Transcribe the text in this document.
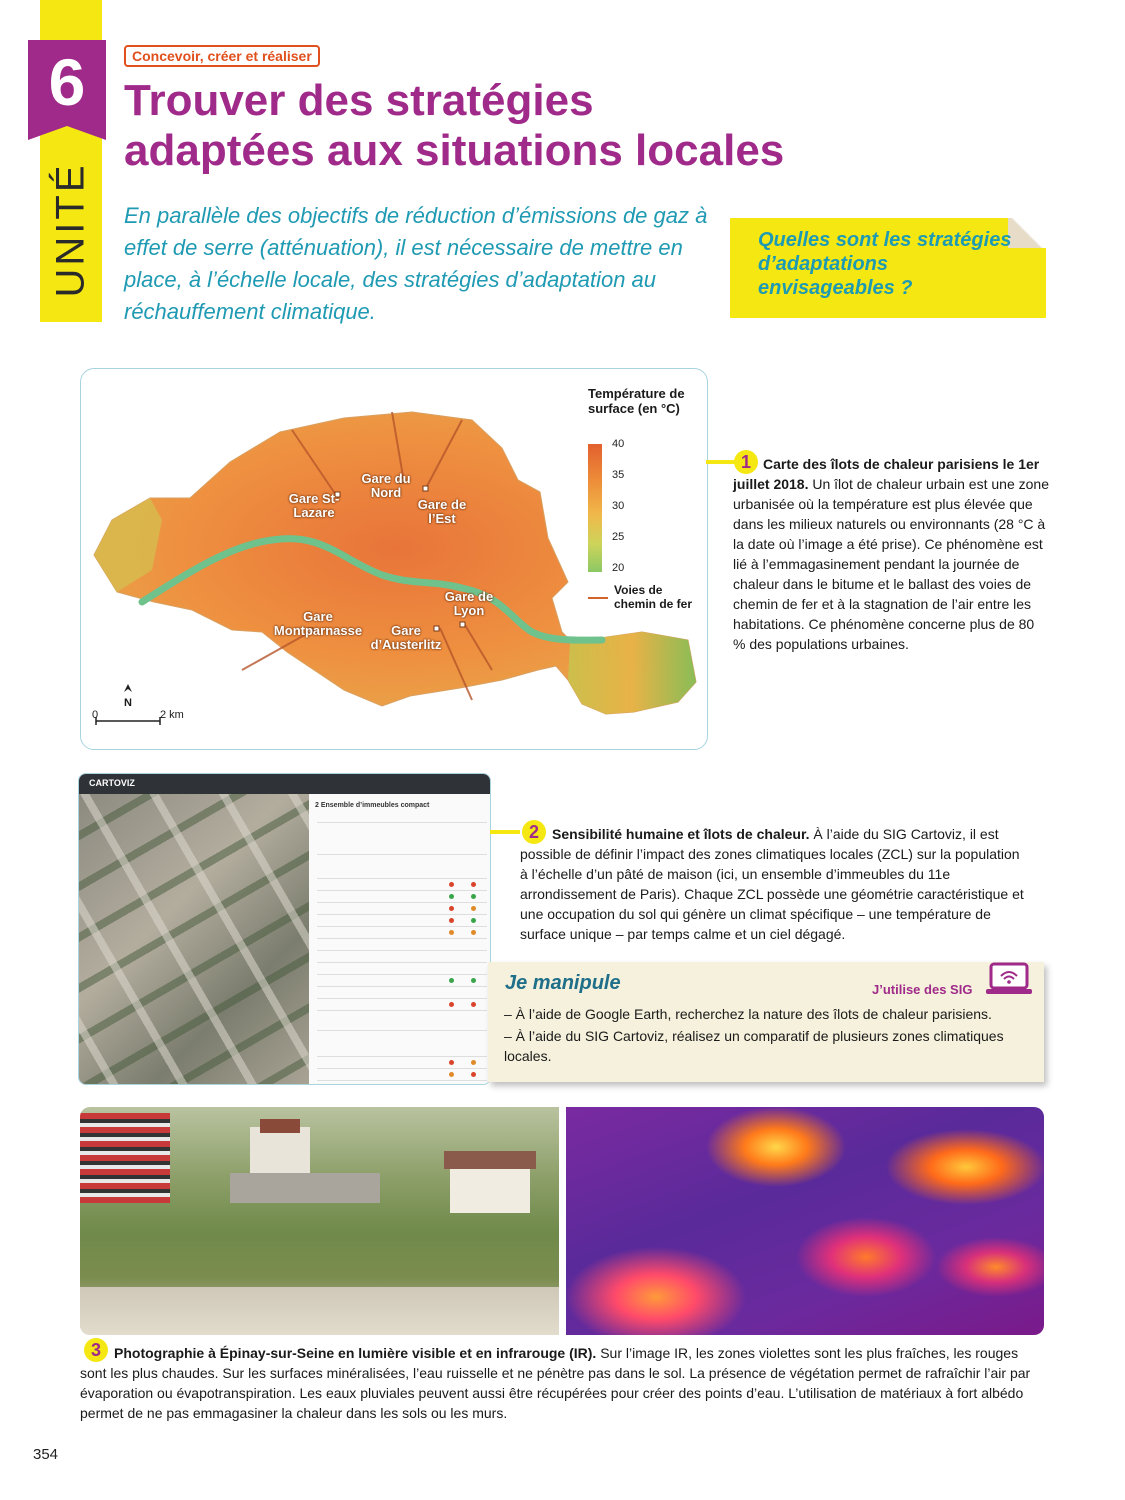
6
UNITÉ
Concevoir, créer et réaliser
Trouver des stratégies
adaptées aux situations locales
En parallèle des objectifs de réduction d’émissions de gaz à effet de serre (atténuation), il est nécessaire de mettre en place, à l’échelle locale, des stratégies d’adaptation au réchauffement climatique.
Quelles sont les stratégies d’adaptations envisageables ?
Gare St-Lazare
Gare du Nord
Gare de l’Est
Gare de Lyon
Gare Montparnasse	Gare d’Austerlitz
N
0	2 km
Température de surface (en °C)
40
35
30
25
20
Voies de chemin de fer
1 Carte des îlots de chaleur parisiens le 1er juillet 2018. Un îlot de chaleur urbain est une zone urbanisée où la température est plus élevée que dans les milieux naturels ou environnants (28 °C à la date où l’image a été prise). Ce phénomène est lié à l’emmagasinement pendant la journée de chaleur dans le bitume et le ballast des voies de chemin de fer et à la stagnation de l’air entre les habitations. Ce phénomène concerne plus de 80 % des populations urbaines.
CARTOVIZ
2 Ensemble d’immeubles compact
2 Sensibilité humaine et îlots de chaleur. À l’aide du SIG Cartoviz, il est possible de définir l’impact des zones climatiques locales (ZCL) sur la population à l’échelle d’un pâté de maison (ici, un ensemble d’immeubles du 11e arrondissement de Paris). Chaque ZCL possède une géométrie caractéristique et une occupation du sol qui génère un climat spécifique – une température de surface unique – par temps calme et un ciel dégagé.
Je manipule	J’utilise des SIG
– À l’aide de Google Earth, recherchez la nature des îlots de chaleur parisiens.
– À l’aide du SIG Cartoviz, réalisez un comparatif de plusieurs zones climatiques locales.
3 Photographie à Épinay-sur-Seine en lumière visible et en infrarouge (IR). Sur l’image IR, les zones violettes sont les plus fraîches, les rouges sont les plus chaudes. Sur les surfaces minéralisées, l’eau ruisselle et ne pénètre pas dans le sol. La présence de végétation permet de rafraîchir l’air par évaporation ou évapotranspiration. Les eaux pluviales peuvent aussi être récupérées pour créer des points d’eau. L’utilisation de matériaux à fort albédo permet de ne pas emmagasiner la chaleur dans les sols ou les murs.
354
